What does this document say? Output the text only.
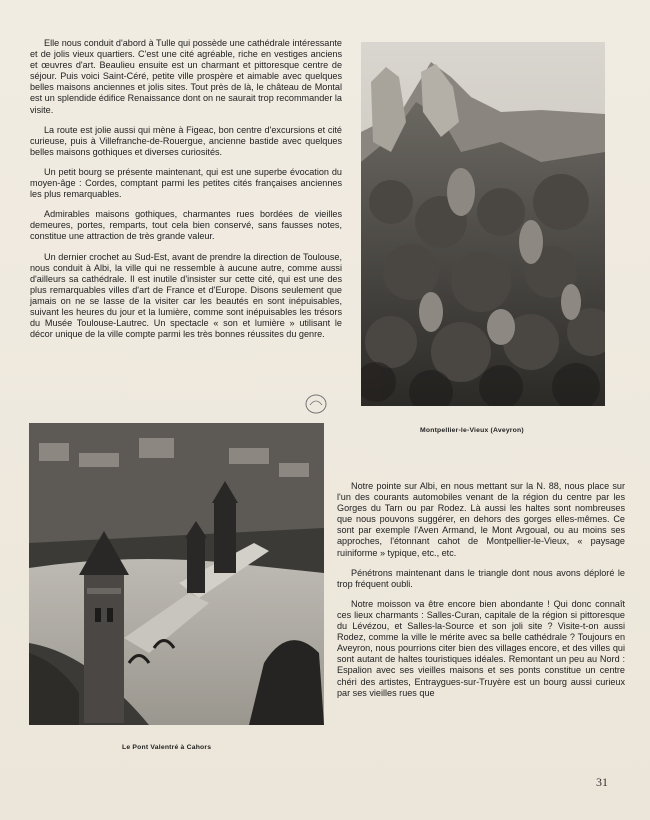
Elle nous conduit d'abord à Tulle qui possède une cathédrale intéressante et de jolis vieux quartiers. C'est une cité agréable, riche en vestiges anciens et œuvres d'art. Beaulieu ensuite est un charmant et pittoresque centre de séjour. Puis voici Saint-Céré, petite ville prospère et aimable avec quelques belles maisons anciennes et jolis sites. Tout près de là, le château de Montal est un splendide édifice Renaissance dont on ne saurait trop recommander la visite.

La route est jolie aussi qui mène à Figeac, bon centre d'excursions et cité curieuse, puis à Villefranche-de-Rouergue, ancienne bastide avec quelques belles maisons gothiques et diverses curiosités.

Un petit bourg se présente maintenant, qui est une superbe évocation du moyen-âge : Cordes, comptant parmi les petites cités françaises anciennes les plus remarquables.

Admirables maisons gothiques, charmantes rues bordées de vieilles demeures, portes, remparts, tout cela bien conservé, sans fausses notes, constitue une attraction de très grande valeur.

Un dernier crochet au Sud-Est, avant de prendre la direction de Toulouse, nous conduit à Albi, la ville qui ne ressemble à aucune autre, comme aussi d'ailleurs sa cathédrale. Il est inutile d'insister sur cette cité, qui est une des plus remarquables villes d'art de France et d'Europe. Disons seulement que jamais on ne se lasse de la visiter car les beautés en sont inépuisables, suivant les heures du jour et la lumière, comme sont inépuisables les trésors du Musée Toulouse-Lautrec. Un spectacle « son et lumière » utilisant le décor unique de la ville compte parmi les très bonnes réussites du genre.

Montpellier-le-Vieux (Aveyron)
Le Pont Valentré à Cahors

Notre pointe sur Albi, en nous mettant sur la N. 88, nous place sur l'un des courants automobiles venant de la région du centre par les Gorges du Tarn ou par Rodez. Là aussi les haltes sont nombreuses que nous pouvons suggérer, en dehors des gorges elles-mêmes. Ce sont par exemple l'Aven Armand, le Mont Argoual, ou au moins ses approches, l'étonnant cahot de Montpellier-le-Vieux, « paysage ruiniforme » typique, etc., etc.

Pénétrons maintenant dans le triangle dont nous avons déploré le trop fréquent oubli.

Notre moisson va être encore bien abondante ! Qui donc connaît ces lieux charmants : Salles-Curan, capitale de la région si pittoresque du Lévézou, et Salles-la-Source et son joli site ? Visite-t-on aussi Rodez, comme la ville le mérite avec sa belle cathédrale ? Toujours en Aveyron, nous pourrions citer bien des villages encore, et des villes qui sont autant de haltes touristiques idéales. Remontant un peu au Nord : Espalion avec ses vieilles maisons et ses ponts constitue un centre chéri des artistes, Entraygues-sur-Truyère est un bourg aussi curieux par ses vieilles rues que

31
